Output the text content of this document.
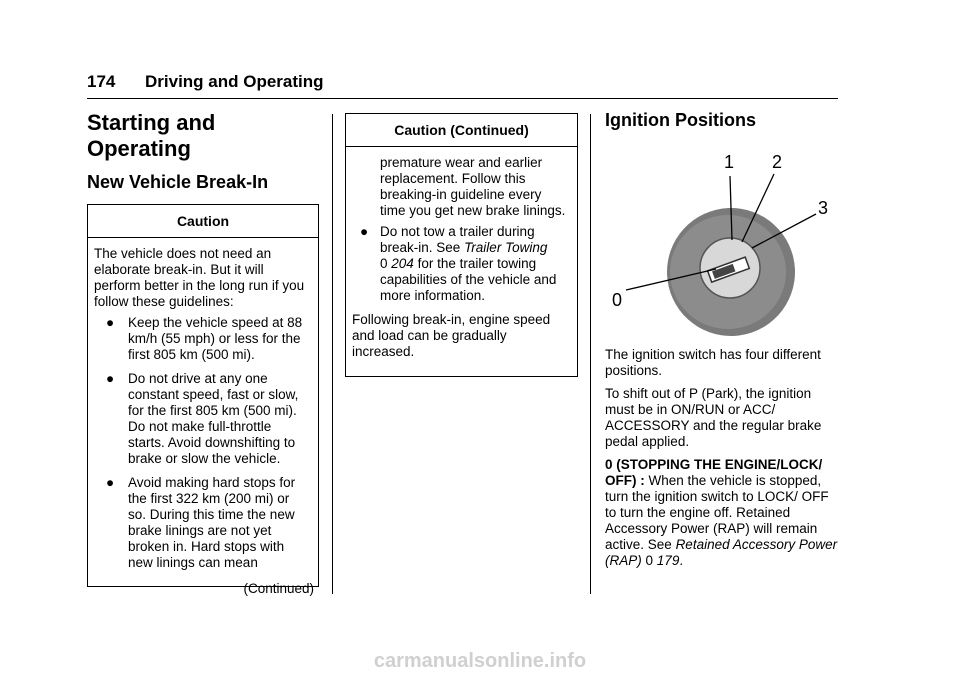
174 Driving and Operating
Starting and Operating
New Vehicle Break-In
Caution

The vehicle does not need an elaborate break-in. But it will perform better in the long run if you follow these guidelines:

● Keep the vehicle speed at 88 km/h (55 mph) or less for the first 805 km (500 mi).
● Do not drive at any one constant speed, fast or slow, for the first 805 km (500 mi). Do not make full-throttle starts. Avoid downshifting to brake or slow the vehicle.
● Avoid making hard stops for the first 322 km (200 mi) or so. During this time the new brake linings are not yet broken in. Hard stops with new linings can mean
(Continued)
Caution (Continued)

premature wear and earlier replacement. Follow this breaking-in guideline every time you get new brake linings.

● Do not tow a trailer during break-in. See Trailer Towing
0 204 for the trailer towing capabilities of the vehicle and more information.

Following break-in, engine speed and load can be gradually increased.

Ignition Positions
0
1 2
3

The ignition switch has four different positions.

To shift out of P (Park), the ignition must be in ON/RUN or ACC/ ACCESSORY and the regular brake pedal applied.

0 (STOPPING THE ENGINE/LOCK/ OFF) : When the vehicle is stopped, turn the ignition switch to LOCK/ OFF to turn the engine off. Retained Accessory Power (RAP) will remain active. See Retained Accessory Power (RAP) 0 179.

carmanualsonline.info
